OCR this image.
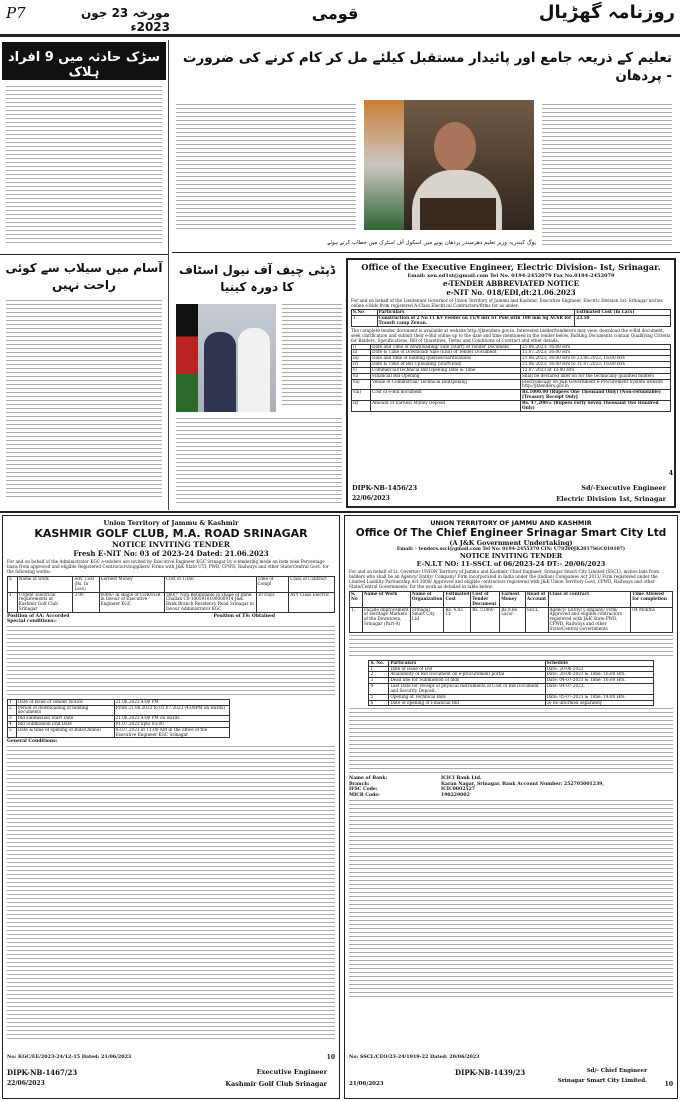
P7	مورخہ 23 جون 2023ء
قومی	روزنامہ گھڑیال
سڑک حادثہ میں 9 افراد ہلاک
تعلیم کے ذریعہ جامع اور پائیدار مستقبل کیلئے مل کر کام کرنے کی ضرورت - پردھان
یوگ کیندریہ وزیر تعلیم دھرمیندر پردھان پونے میں اسکول آف اسٹرک میں خطاب کرتے ہوئے
آسام میں سیلاب سے کوئی راحت نہیں
ڈپٹی چیف آف نیول اسٹاف کا دورہ کینیا
Office of the Executive Engineer, Electric Division- Ist, Srinagar.
Email: xen.ed1st@gmail.com Tel No. 0194-2452079 Fax No.0194-2452079
e-TENDER ABBREVIATED NOTICE
e-NIT No. 018/EDI,dt:21.06.2023
For and on behalf of the Lieutenant Governor of Union Territory of Jammu and Kashmir, Executive Engineer, Electric Division 1st, Srinagar invites online e-bids from registered A-Class Electrical Contractors/firms for as under:
S.No	Particulars	Estimated Cost (In Lacs)
1	Construction of 2 No 11 KV Feeder on 11/9 mtr ST Pole with 100 mm Sq ACSR for Transit camp Zewan.	23.50
The complete tender document is available at website http://jktenders.gov.in. Interested bidder/tenderers may view, download the e-Bid document, seek clarification and submit their e-Bid online up to the date and time mentioned in the tender below. Bidding Documents contain Qualifying Criteria for Bidders, Specifications, Bill of Quantities, Terms and Conditions of Contract and other details.
i)	Date and Time of downloading/ Sale (Start) of Tender Document	21.06.2023; 16:00 Hrs
ii)	Date & Time of Download/ Sale (End) of Tender Document	11.07.2023; 16:00 Hrs
iii)	Date and time of bidding queries/clarifications	21.06.2023; 16:00 Hrs to 23.06.2023; 16:00 Hrs
iv)	Date & Time of Bid Uploading (Start/End)	21.06.2023; 16:00 Hrs to 11.07.2023; 16:00 Hrs
v)	Commercial/Technical Bid Opening Date & Time	12.07.2023 at 13:00 Hrs
vi)	Financial Bid Opening	Shall be declared later on for the technically qualified bidders
vii)	Venue of Commercial/ Technical BidOpening	Electronically on J&K Government e-Procurement System website http://jktenders.gov.in
viii)	Cost of e-Bid document	Rs.1000.00 (Rupees One Thousand Only) (Non-refundable) [Treasury Receipt Only]
ix)	Amount of Earnest Money Deposit	Rs. 47,200/= (Rupees Forty Seven Thousand Two Hundred Only)
DIPK-NB-1456/23
22/06/2023
Sd/-Executive Engineer
Electric Division 1st, Srinagar
4
Union Territory of Jammu & Kashmir
KASHMIR GOLF CLUB, M.A. ROAD SRINAGAR
NOTICE INVITING TENDER
Fresh E-NIT No: 03 of 2023-24 Dated: 21.06.2023
For and on behalf of the Administrator KGC e-tenders are invited by Executive Engineer KGC Srinagar by e-tendering mode on item wise Percentage basis from approved and eligible Registered Contractors/suppliers/ Firms with J&K State UTI, PWD, CPWD, Railways and other State/Central Govt. for the following works:-
S	Name of work	Adv. Cost (Rs. In Lacs)	Earnest Money	Cost of T/Doc	Time of Compl	Class of Contract
1	Urgent Electrical requirements at Kashmir Golf Club Srinagar	3.00	6000/- in shape of CDR/FDR in favour of Executive Engineer KGC	500/= Non Refundable in shape of Bank Challan C0-1005910100000914 J&K Bank Branch Residency Road Srinagar in favour Administrator KGC	30 Days	AYY Class Electric
Position of AA: Accorded	Position of TS: Obtained
Special conditions:-
1	Date of Issue of Tender Notice	21.06.2023 4:00 PM
2	Period of downloading of bidding documents	From 21.06.2023 to 01.07.2023 (4:00PM on wards)
3	Bid submission Start Date	21.06.2023 4:00 PM on wards
4	Bid Submission End Date	01.07.2023 upto 05:00
5	Date & time of opening of Bids(Online)	03.07.2023 at 11:00 AM in the office of the Executive Engineer KGC Srinagar
General Conditions:
No: KGC/EE/2023-24/12-15 Dated: 21/06/2023
DIPK-NB-1467/23
22/06/2023
Executive Engineer
Kashmir Golf Club Srinagar
10
UNION TERRITORY OF JAMMU AND KASHMIR
Office Of The Chief Engineer Srinagar Smart City Ltd
(A J&K Government Undertaking)
Email: - tenders.sscl@gmail.com Tel No: 0194-2455370 CIN: U70200JK2017SGC010107)
NOTICE INVITING TENDER
E-N.I.T NO: 11-SSCL of 06/2023-24 DT:- 20/06/2023
For and on behalf of Lt. Governor UNION Territory of Jammu and Kashmir, Chief Engineer, Srinagar Smart City Limited (SSCL), invites bids from bidders who shall be an Agency/ Entity/ Company/ Firm incorporated in India under the (Indian) Companies Act 2013/ Firm registered under the Limited Liability Partnership Act 2008/ Approved and eligible contractors registered with J&K Union Territory Govt, CPWD, Railways and other State/Central Governments, for the work as detailed in table below:
S. No	Name of Work	Name of Organization	Estimated Cost	Cost of Tender Document	Earnest Money	Head of Account	Class of contract	Time Allowed for completion
1.	Facade improvement of Heritage Markets of the Downtown, Srinagar (Part-A)	Srinagar Smart City Ltd	Rs. 4.83 Cr.	Rs. 5,000/-	Rs.9.66 Lacs/-	SSCL	Agency/ Entity/ Company/ Firm/ Approved and eligible contractors registered with J&K State PWD, CPWD, Railways and other State/Central Governments	04 Months
S. No.	Particulars	Schedule
1	Date of issue of IFB	Date: 20-06-2023
2	Availability of Bid Document on e-procurement portal	Date: 20-06-2023 & Time: 16:00 Hrs.
3	Dead line for Submission of bids	Date: 04-07-2023 & Time: 16:00 Hrs.
4	Last Date for receipt of physical instruments of Cost of Bid Document and Security Deposit.	Date: 04-07-2023.
5	Opening of Technical Bids	Date: 05-07-2023 & Time: 14:00 Hrs.
6	Date of opening of Financial Bid	To be informed separately
Name of Bank:	ICICI Bank Ltd.
Branch:	Karan Nagar, Srinagar. Bank Account Number: 252705001239,
IFSC Code:	ICIC0002527
MICR Code:	190229002
No: SSCL/CEO/23-24/1919-22 Dated: 20/06/2023
DIPK-NB-1439/23
21/06/2023
Sd/- Chief Engineer
Srinagar Smart City Limited.	10
